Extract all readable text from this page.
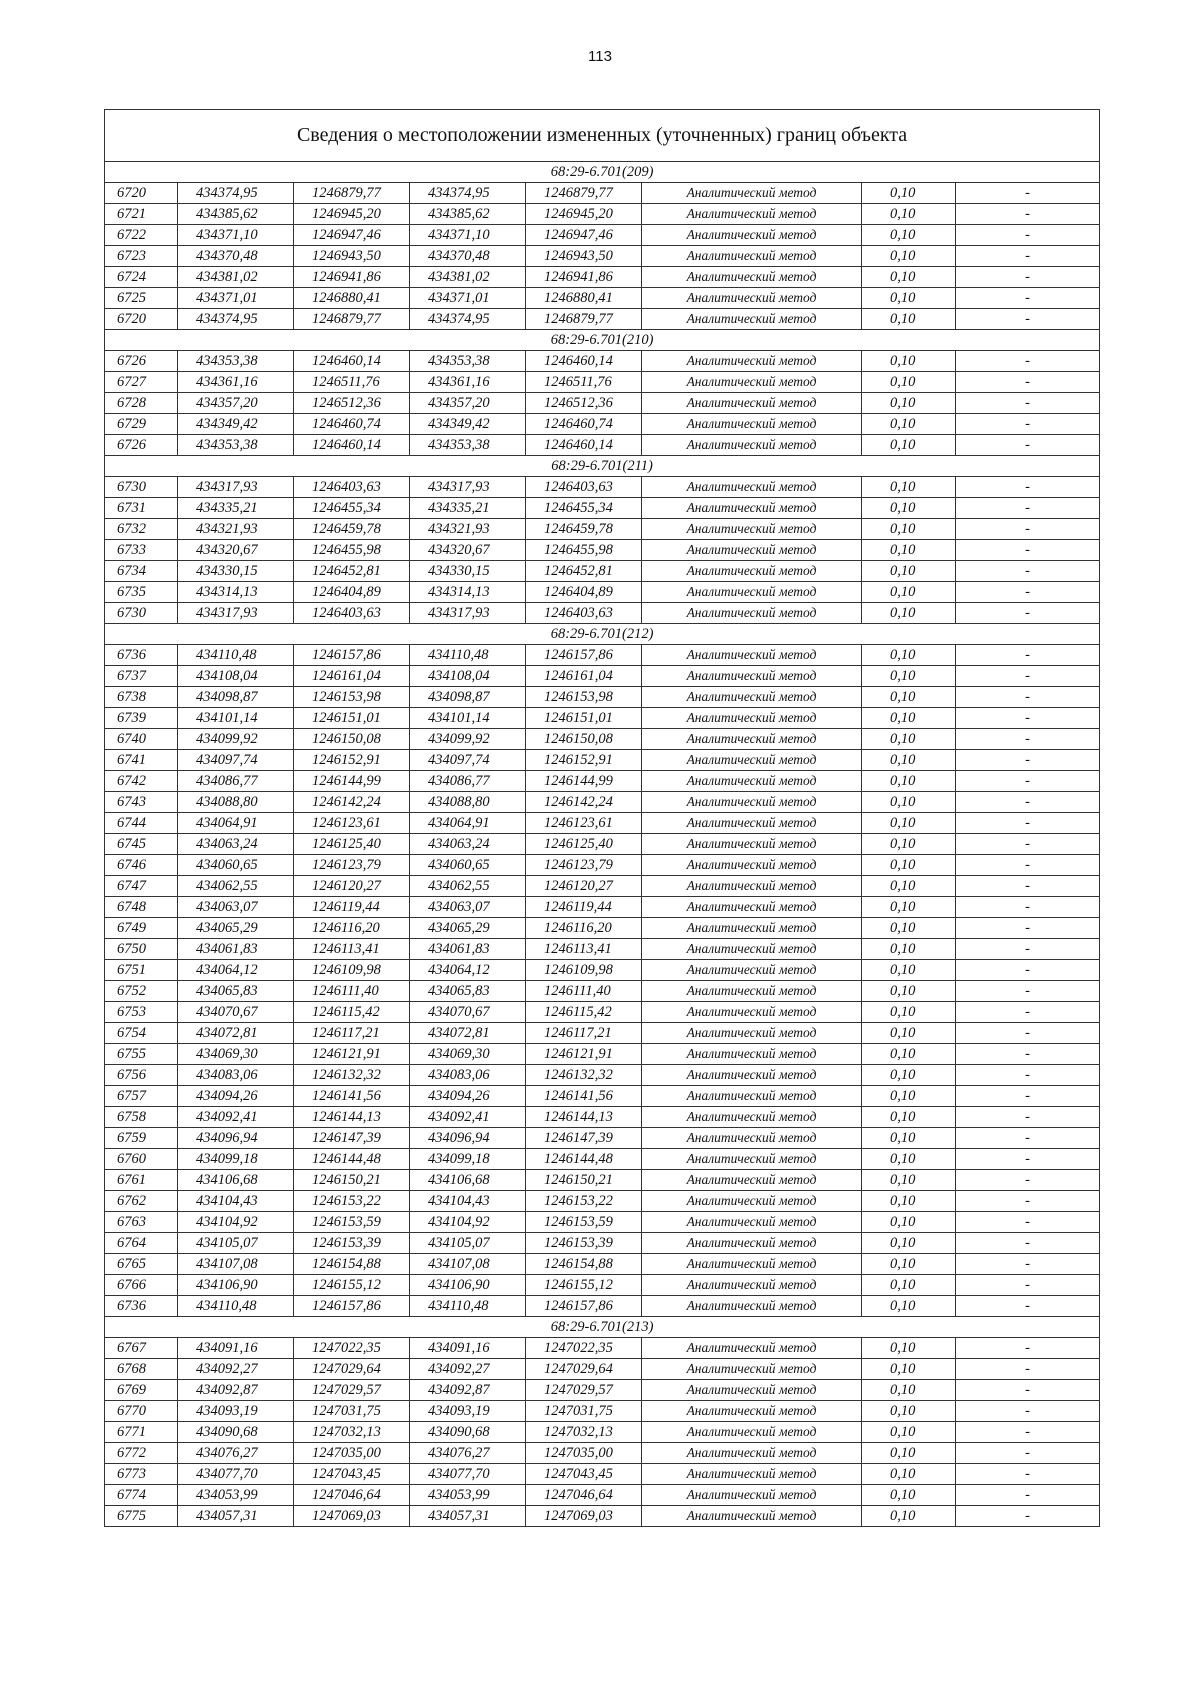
113
Сведения о местоположении измененных (уточненных) границ объекта							
68:29-6.701(209)							
6720	434374,95	1246879,77	434374,95	1246879,77	Аналитический метод	0,10	-
6721	434385,62	1246945,20	434385,62	1246945,20	Аналитический метод	0,10	-
6722	434371,10	1246947,46	434371,10	1246947,46	Аналитический метод	0,10	-
6723	434370,48	1246943,50	434370,48	1246943,50	Аналитический метод	0,10	-
6724	434381,02	1246941,86	434381,02	1246941,86	Аналитический метод	0,10	-
6725	434371,01	1246880,41	434371,01	1246880,41	Аналитический метод	0,10	-
6720	434374,95	1246879,77	434374,95	1246879,77	Аналитический метод	0,10	-
68:29-6.701(210)							
6726	434353,38	1246460,14	434353,38	1246460,14	Аналитический метод	0,10	-
6727	434361,16	1246511,76	434361,16	1246511,76	Аналитический метод	0,10	-
6728	434357,20	1246512,36	434357,20	1246512,36	Аналитический метод	0,10	-
6729	434349,42	1246460,74	434349,42	1246460,74	Аналитический метод	0,10	-
6726	434353,38	1246460,14	434353,38	1246460,14	Аналитический метод	0,10	-
68:29-6.701(211)							
6730	434317,93	1246403,63	434317,93	1246403,63	Аналитический метод	0,10	-
6731	434335,21	1246455,34	434335,21	1246455,34	Аналитический метод	0,10	-
6732	434321,93	1246459,78	434321,93	1246459,78	Аналитический метод	0,10	-
6733	434320,67	1246455,98	434320,67	1246455,98	Аналитический метод	0,10	-
6734	434330,15	1246452,81	434330,15	1246452,81	Аналитический метод	0,10	-
6735	434314,13	1246404,89	434314,13	1246404,89	Аналитический метод	0,10	-
6730	434317,93	1246403,63	434317,93	1246403,63	Аналитический метод	0,10	-
68:29-6.701(212)							
6736	434110,48	1246157,86	434110,48	1246157,86	Аналитический метод	0,10	-
6737	434108,04	1246161,04	434108,04	1246161,04	Аналитический метод	0,10	-
6738	434098,87	1246153,98	434098,87	1246153,98	Аналитический метод	0,10	-
6739	434101,14	1246151,01	434101,14	1246151,01	Аналитический метод	0,10	-
6740	434099,92	1246150,08	434099,92	1246150,08	Аналитический метод	0,10	-
6741	434097,74	1246152,91	434097,74	1246152,91	Аналитический метод	0,10	-
6742	434086,77	1246144,99	434086,77	1246144,99	Аналитический метод	0,10	-
6743	434088,80	1246142,24	434088,80	1246142,24	Аналитический метод	0,10	-
6744	434064,91	1246123,61	434064,91	1246123,61	Аналитический метод	0,10	-
6745	434063,24	1246125,40	434063,24	1246125,40	Аналитический метод	0,10	-
6746	434060,65	1246123,79	434060,65	1246123,79	Аналитический метод	0,10	-
6747	434062,55	1246120,27	434062,55	1246120,27	Аналитический метод	0,10	-
6748	434063,07	1246119,44	434063,07	1246119,44	Аналитический метод	0,10	-
6749	434065,29	1246116,20	434065,29	1246116,20	Аналитический метод	0,10	-
6750	434061,83	1246113,41	434061,83	1246113,41	Аналитический метод	0,10	-
6751	434064,12	1246109,98	434064,12	1246109,98	Аналитический метод	0,10	-
6752	434065,83	1246111,40	434065,83	1246111,40	Аналитический метод	0,10	-
6753	434070,67	1246115,42	434070,67	1246115,42	Аналитический метод	0,10	-
6754	434072,81	1246117,21	434072,81	1246117,21	Аналитический метод	0,10	-
6755	434069,30	1246121,91	434069,30	1246121,91	Аналитический метод	0,10	-
6756	434083,06	1246132,32	434083,06	1246132,32	Аналитический метод	0,10	-
6757	434094,26	1246141,56	434094,26	1246141,56	Аналитический метод	0,10	-
6758	434092,41	1246144,13	434092,41	1246144,13	Аналитический метод	0,10	-
6759	434096,94	1246147,39	434096,94	1246147,39	Аналитический метод	0,10	-
6760	434099,18	1246144,48	434099,18	1246144,48	Аналитический метод	0,10	-
6761	434106,68	1246150,21	434106,68	1246150,21	Аналитический метод	0,10	-
6762	434104,43	1246153,22	434104,43	1246153,22	Аналитический метод	0,10	-
6763	434104,92	1246153,59	434104,92	1246153,59	Аналитический метод	0,10	-
6764	434105,07	1246153,39	434105,07	1246153,39	Аналитический метод	0,10	-
6765	434107,08	1246154,88	434107,08	1246154,88	Аналитический метод	0,10	-
6766	434106,90	1246155,12	434106,90	1246155,12	Аналитический метод	0,10	-
6736	434110,48	1246157,86	434110,48	1246157,86	Аналитический метод	0,10	-
68:29-6.701(213)							
6767	434091,16	1247022,35	434091,16	1247022,35	Аналитический метод	0,10	-
6768	434092,27	1247029,64	434092,27	1247029,64	Аналитический метод	0,10	-
6769	434092,87	1247029,57	434092,87	1247029,57	Аналитический метод	0,10	-
6770	434093,19	1247031,75	434093,19	1247031,75	Аналитический метод	0,10	-
6771	434090,68	1247032,13	434090,68	1247032,13	Аналитический метод	0,10	-
6772	434076,27	1247035,00	434076,27	1247035,00	Аналитический метод	0,10	-
6773	434077,70	1247043,45	434077,70	1247043,45	Аналитический метод	0,10	-
6774	434053,99	1247046,64	434053,99	1247046,64	Аналитический метод	0,10	-
6775	434057,31	1247069,03	434057,31	1247069,03	Аналитический метод	0,10	-
